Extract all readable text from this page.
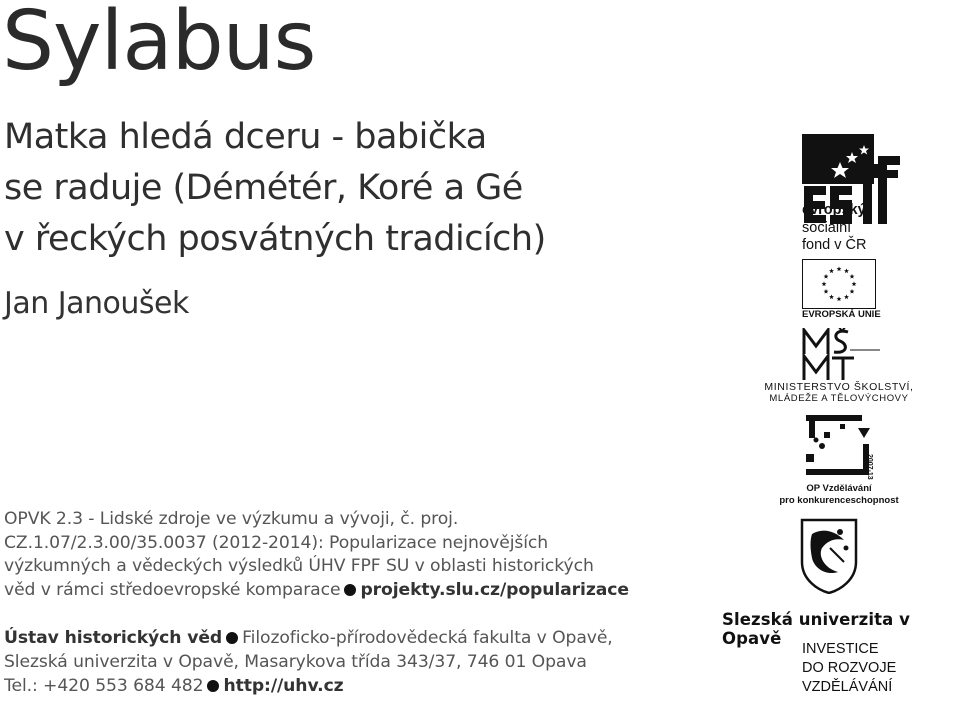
Sylabus
Matka hledá dceru - babička
se raduje (Démétér, Koré a Gé
v řeckých posvátných tradicích)
Jan Janoušek
OPVK 2.3 - Lidské zdroje ve výzkumu a vývoji, č. proj.
CZ.1.07/2.3.00/35.0037 (2012-2014): Popularizace nejnovějších
výzkumných a vědeckých výsledků ÚHV FPF SU v oblasti historických
věd v rámci středoevropské komparace projekty.slu.cz/popularizace
Ústav historických věd Filozoficko-přírodovědecká fakulta v Opavě,
Slezská univerzita v Opavě, Masarykova třída 343/37, 746 01 Opava
Tel.: +420 553 684 482 http://uhv.cz
evropský
sociální
fond v ČR
EVROPSKÁ UNIE
MINISTERSTVO ŠKOLSTVÍ,
MLÁDEŽE A TĚLOVÝCHOVY
2007-13
OP Vzdělávání
pro konkurenceschopnost
Slezská univerzita v Opavě
INVESTICE
DO ROZVOJE
VZDĚLÁVÁNÍ
